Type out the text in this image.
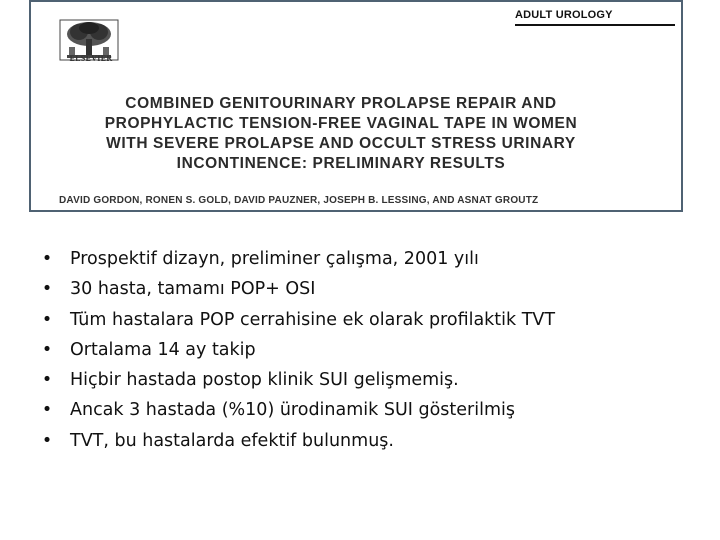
ELSEVIER
ADULT UROLOGY
COMBINED GENITOURINARY PROLAPSE REPAIR AND
PROPHYLACTIC TENSION-FREE VAGINAL TAPE IN WOMEN
WITH SEVERE PROLAPSE AND OCCULT STRESS URINARY
INCONTINENCE: PRELIMINARY RESULTS
DAVID GORDON, RONEN S. GOLD, DAVID PAUZNER, JOSEPH B. LESSING, AND ASNAT GROUTZ
• Prospektif dizayn, preliminer çalışma, 2001 yılı
• 30 hasta, tamamı POP+ OSI
• Tüm hastalara POP cerrahisine ek olarak profilaktik TVT
• Ortalama 14 ay takip
• Hiçbir hastada postop klinik SUI gelişmemiş.
• Ancak 3 hastada (%10) ürodinamik SUI gösterilmiş
• TVT, bu hastalarda efektif bulunmuş.
